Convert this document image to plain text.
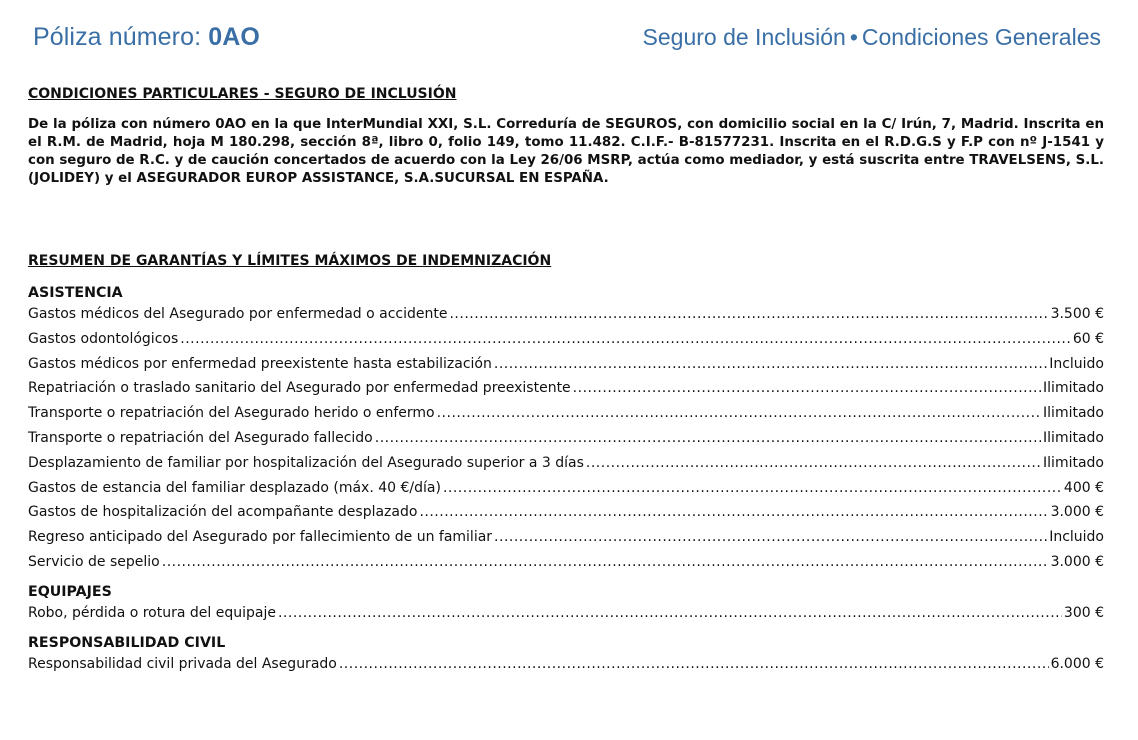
Póliza número: 0AO	Seguro de Inclusión • Condiciones Generales

CONDICIONES PARTICULARES - SEGURO DE INCLUSIÓN

De la póliza con número 0AO en la que InterMundial XXI, S.L. Correduría de SEGUROS, con domicilio social en la C/ Irún, 7, Madrid. Inscrita en el R.M. de Madrid, hoja M 180.298, sección 8ª, libro 0, folio 149, tomo 11.482. C.I.F.- B-81577231. Inscrita en el R.D.G.S y F.P con nº J-1541 y con seguro de R.C. y de caución concertados de acuerdo con la Ley 26/06 MSRP, actúa como mediador, y está suscrita entre TRAVELSENS, S.L. (JOLIDEY) y el ASEGURADOR EUROP ASSISTANCE, S.A.SUCURSAL EN ESPAÑA.

RESUMEN DE GARANTÍAS Y LÍMITES MÁXIMOS DE INDEMNIZACIÓN

ASISTENCIA

Gastos médicos del Asegurado por enfermedad o accidente .....	3.500 €
Gastos odontológicos .....	60 €
Gastos médicos por enfermedad preexistente hasta estabilización .....	Incluido
Repatriación o traslado sanitario del Asegurado por enfermedad preexistente .....	Ilimitado
Transporte o repatriación del Asegurado herido o enfermo .....	Ilimitado
Transporte o repatriación del Asegurado fallecido .....	Ilimitado
Desplazamiento de familiar por hospitalización del Asegurado superior a 3 días .....	Ilimitado
Gastos de estancia del familiar desplazado (máx. 40 €/día) .....	400 €
Gastos de hospitalización del acompañante desplazado .....	3.000 €
Regreso anticipado del Asegurado por fallecimiento de un familiar .....	Incluido
Servicio de sepelio .....	3.000 €

EQUIPAJES

Robo, pérdida o rotura del equipaje .....	300 €

RESPONSABILIDAD CIVIL

Responsabilidad civil privada del Asegurado .....	6.000 €
